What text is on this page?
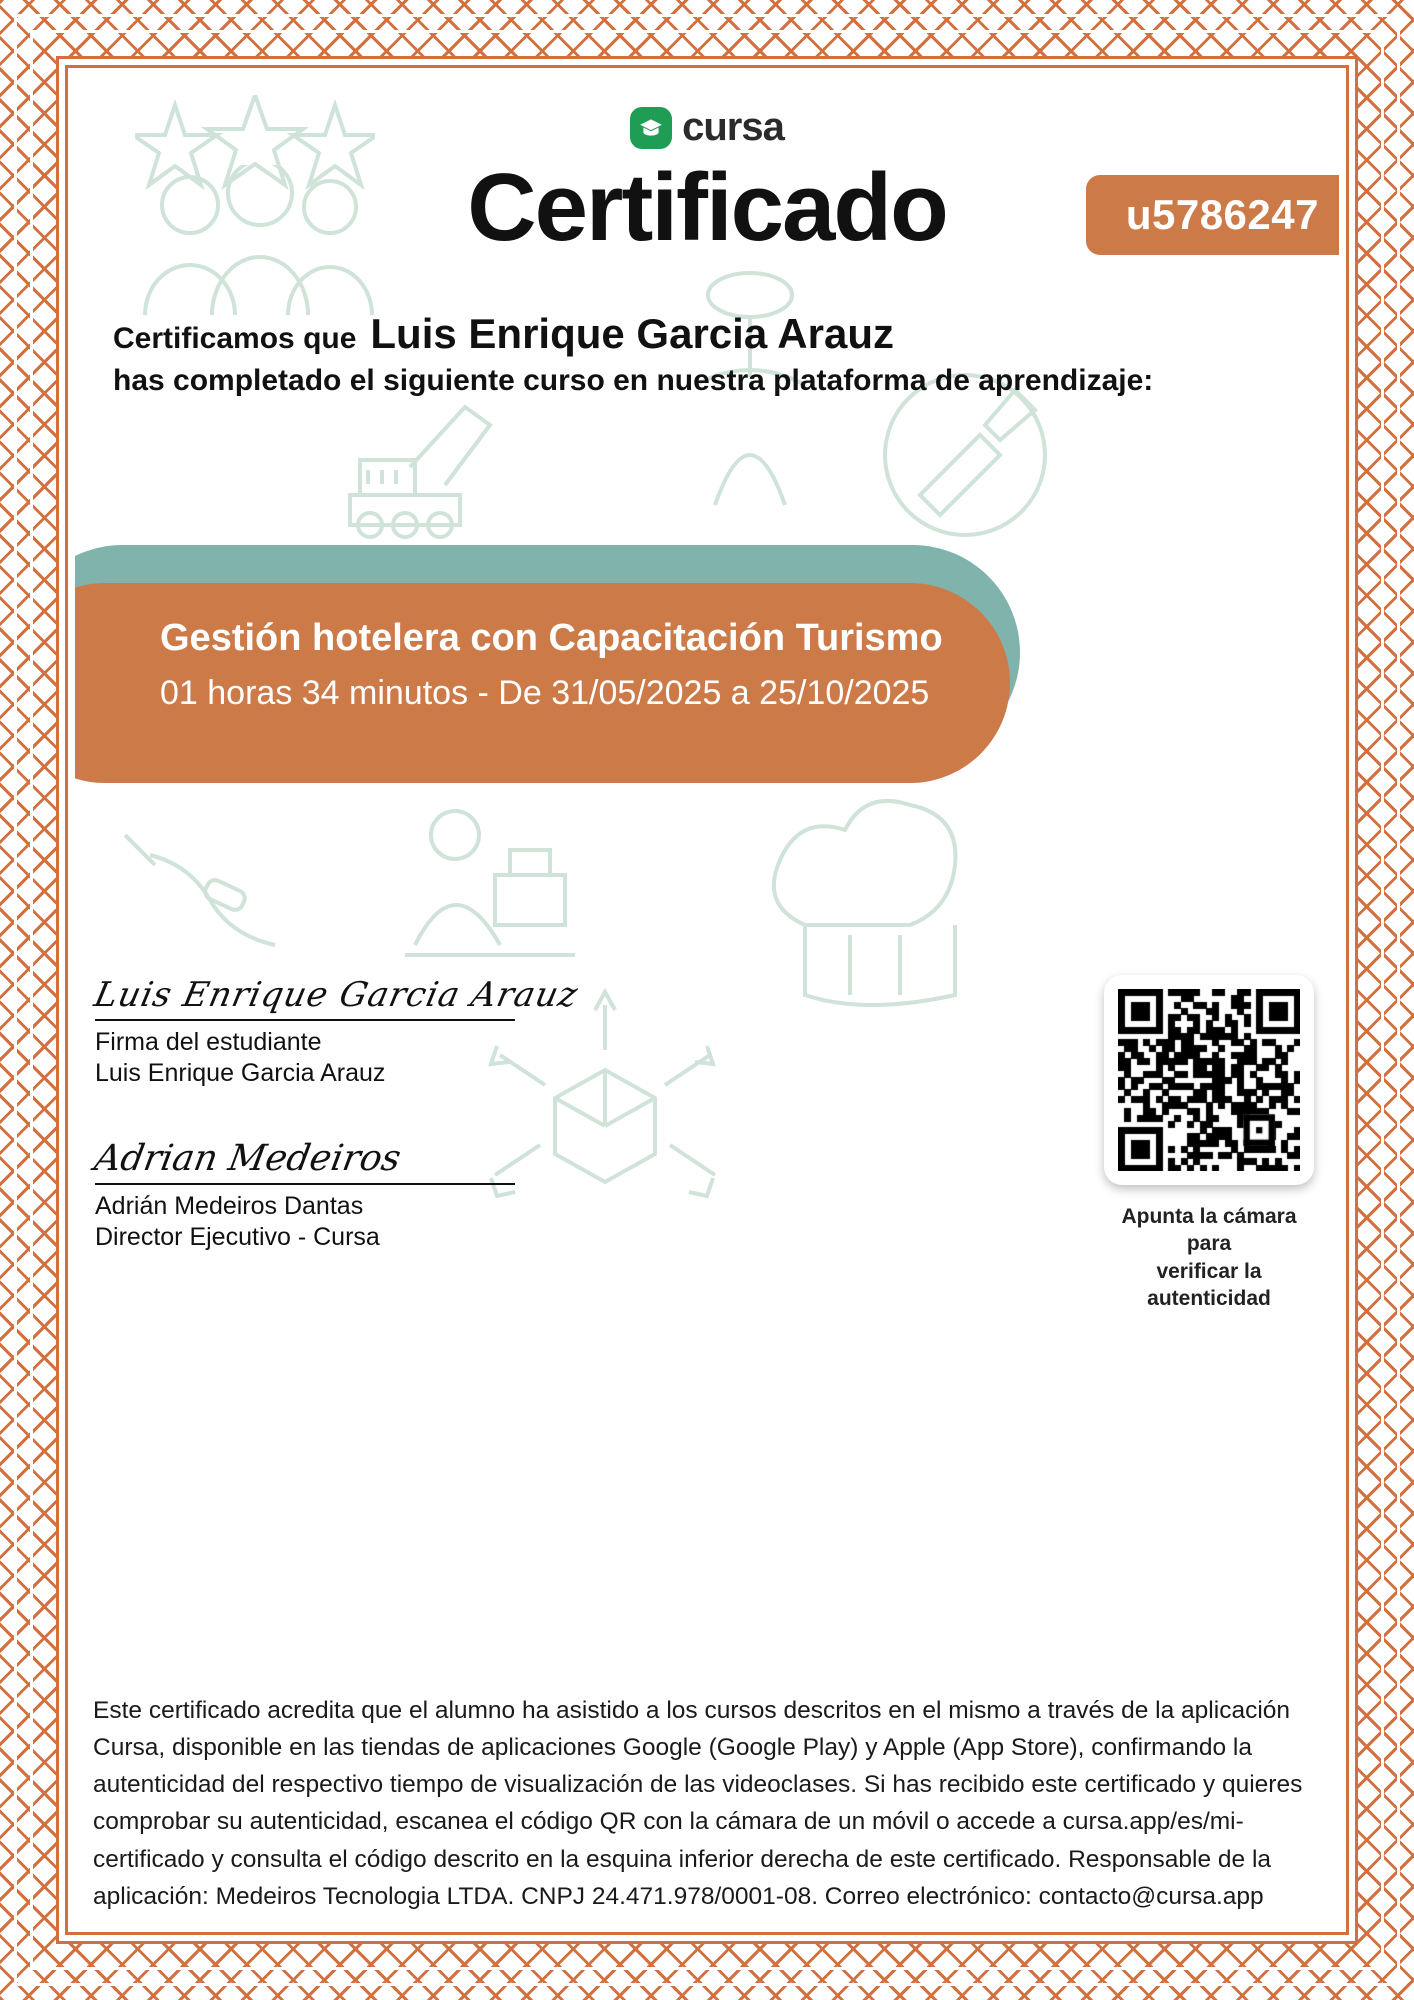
cursa
Certificado	u5786247
Certificamos que Luis Enrique Garcia Arauz
has completado el siguiente curso en nuestra plataforma de aprendizaje:
Gestión hotelera con Capacitación Turismo
01 horas 34 minutos - De 31/05/2025 a 25/10/2025
Luis Enrique Garcia Arauz
Firma del estudiante
Luis Enrique Garcia Arauz
Adrian Medeiros
Adrián Medeiros Dantas
Director Ejecutivo - Cursa
Apunta la cámara para
verificar la autenticidad
Este certificado acredita que el alumno ha asistido a los cursos descritos en el mismo a través de la aplicación Cursa, disponible en las tiendas de aplicaciones Google (Google Play) y Apple (App Store), confirmando la autenticidad del respectivo tiempo de visualización de las videoclases. Si has recibido este certificado y quieres comprobar su autenticidad, escanea el código QR con la cámara de un móvil o accede a cursa.app/es/mi-certificado y consulta el código descrito en la esquina inferior derecha de este certificado. Responsable de la aplicación: Medeiros Tecnologia LTDA. CNPJ 24.471.978/0001-08. Correo electrónico: contacto@cursa.app
